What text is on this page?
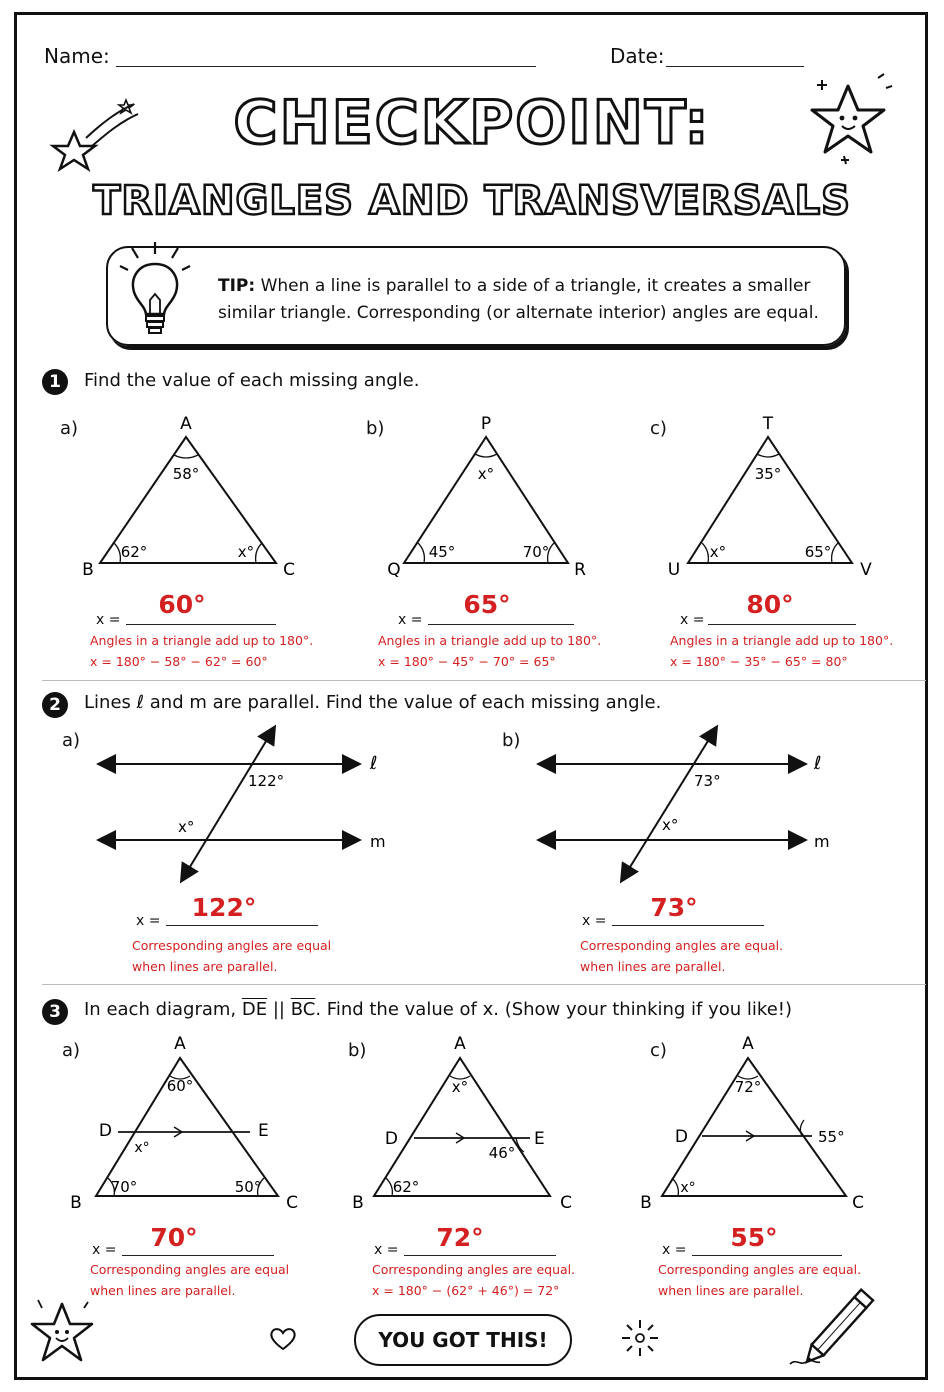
Name:	Date:
CHECKPOINT:
TRIANGLES AND TRANSVERSALS
TIP: When a line is parallel to a side of a triangle, it creates a smaller
similar triangle. Corresponding (or alternate interior) angles are equal.
1	Find the value of each missing angle.
a)	A
B	C
58°
62°	x°
x =
60°
Angles in a triangle add up to 180°.
x = 180° − 58° − 62° = 60°
b)	P
Q	R
x°
45°	70°
x =
65°
Angles in a triangle add up to 180°.
x = 180° − 45° − 70° = 65°
c)	T
U	V
35°
x°	65°
x =
80°
Angles in a triangle add up to 180°.
x = 180° − 35° − 65° = 80°
2	Lines ℓ and m are parallel. Find the value of each missing angle.
a)
ℓ
m
122°
x°
x =	122°
Corresponding angles are equal
when lines are parallel.
b)
ℓ
m
73°
x°
x =	73°
Corresponding angles are equal.
when lines are parallel.
3	In each diagram, $\overline{DE}$ || $\overline{BC}$. Find the value of x. (Show your thinking if you like!)
a)	A
B	C
D	E
60°
x°
70°	50°
x =	70°
Corresponding angles are equal
when lines are parallel.
b)	A
B	C
D	E
x°
46°
62°
x =	72°
Corresponding angles are equal.
x = 180° − (62° + 46°) = 72°
c)	A
B	C
D
72°
55°
x°
x =	55°
Corresponding angles are equal.
when lines are parallel.
YOU GOT THIS!
